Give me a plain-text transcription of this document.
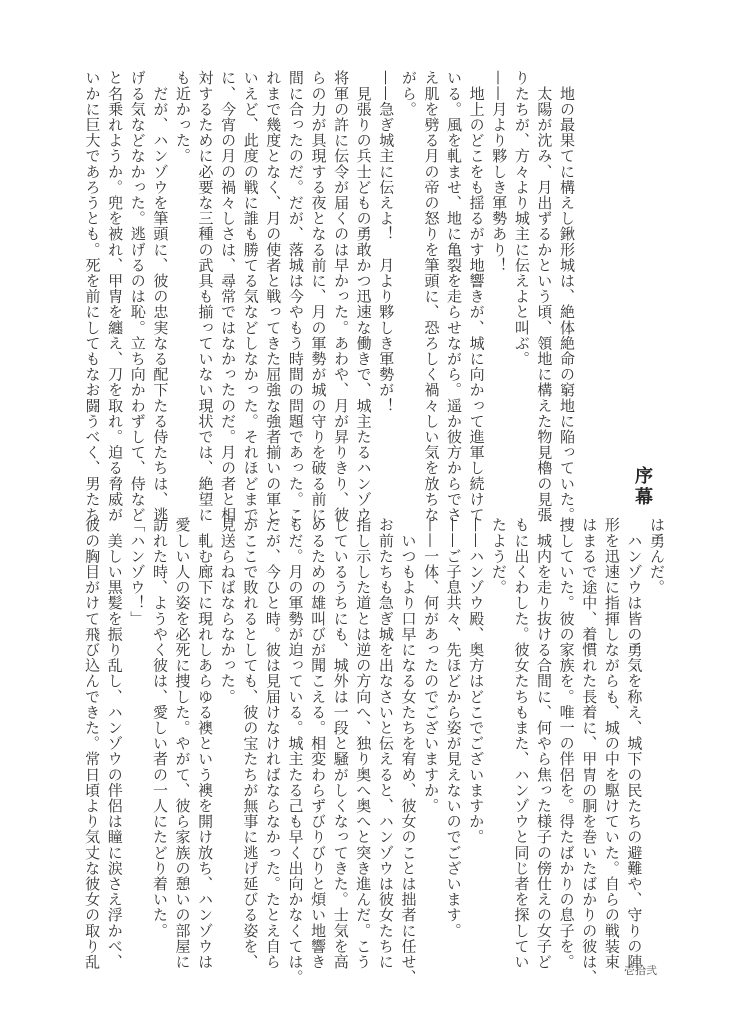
序幕
　地の最果てに構えし鍬形城は、絶体絶命の窮地に陥っていた。
　太陽が沈み、月出ずるかという頃、領地に構えた物見櫓の見張
りたちが、方々より城主に伝えよと叫ぶ。
——月より夥しき軍勢あり！
　地上のどこをも揺るがす地響きが、城に向かって進軍し続けて
いる。風を軋ませ、地に亀裂を走らせながら。遥か彼方からでさ
え肌を劈る月の帝の怒りを筆頭に、恐ろしく禍々しい気を放ちな
がら。
——急ぎ城主に伝えよ！　月より夥しき軍勢が！
　見張りの兵士どもの勇敢かつ迅速な働きで、城主たるハンゾウ
将軍の許に伝令が届くのは早かった。あわや、月が昇りきり、彼
らの力が具現する夜となる前に、月の軍勢が城の守りを破る前に、
間に合ったのだ。だが、落城は今やもう時間の問題であった。こ
れまで幾度となく、月の使者と戦ってきた屈強な強者揃いの軍と
いえど、此度の戦に誰も勝てる気などしなかった。それほどまで
に、今宵の月の禍々しさは、尋常ではなかったのだ。月の者と相
対するために必要な三種の武具も揃っていない現状では、絶望に
も近かった。
　だが、ハンゾウを筆頭に、彼の忠実なる配下たる侍たちは、逃
げる気などなかった。逃げるのは恥。立ち向かわずして、侍など
と名乗れようか。兜を被れ、甲冑を纏え、刀を取れ。迫る脅威が
いかに巨大であろうとも。死を前にしてもなお闘うべく、男たち
は勇んだ。
　ハンゾウは皆の勇気を称え、城下の民たちの避難や、守りの陣
形を迅速に指揮しながらも、城の中を駆けていた。自らの戦装束
はまるで途中、着慣れた長着に、甲冑の胴を巻いたばかりの彼は、
捜していた。彼の家族を。唯一の伴侶を。得たばかりの息子を。
　城内を走り抜ける合間に、何やら焦った様子の傍仕えの女子ど
もに出くわした。彼女たちもまた、ハンゾウと同じ者を探してい
たようだ。
——ハンゾウ殿、奥方はどこでございますか。
——ご子息共々、先ほどから姿が見えないのでございます。
——一体、何があったのでございますか。
　いつもより口早になる女たちを宥め、彼女のことは拙者に任せ、
お前たちも急ぎ城を出なさいと伝えると、ハンゾウは彼女たちに
指し示した道とは逆の方向へ、独り奥へ奥へと突き進んだ。こう
しているうちにも、城外は一段と騒がしくなってきた。士気を高
めるための雄叫びが聞こえる。相変わらずびりびりと煩い地響き
もだ。月の軍勢が迫っている。城主たる己も早く出向かなくては。
だが、今ひと時。彼は見届けなければならなかった。たとえ自ら
がここで敗れるとしても、彼の宝たちが無事に逃げ延びる姿を、
見送らねばならなかった。
　軋む廊下に現れしあらゆる襖という襖を開け放ち、ハンゾウは
愛しい人の姿を必死に捜した。やがて、彼ら家族の憩いの部屋に
訪れた時、ようやく彼は、愛しい者の一人にたどり着いた。
「ハンゾウ！」
　美しい黒髪を振り乱し、ハンゾウの伴侶は瞳に涙さえ浮かべ、
彼の胸目がけて飛び込んできた。常日頃より気丈な彼女の取り乱
壱拾弐
